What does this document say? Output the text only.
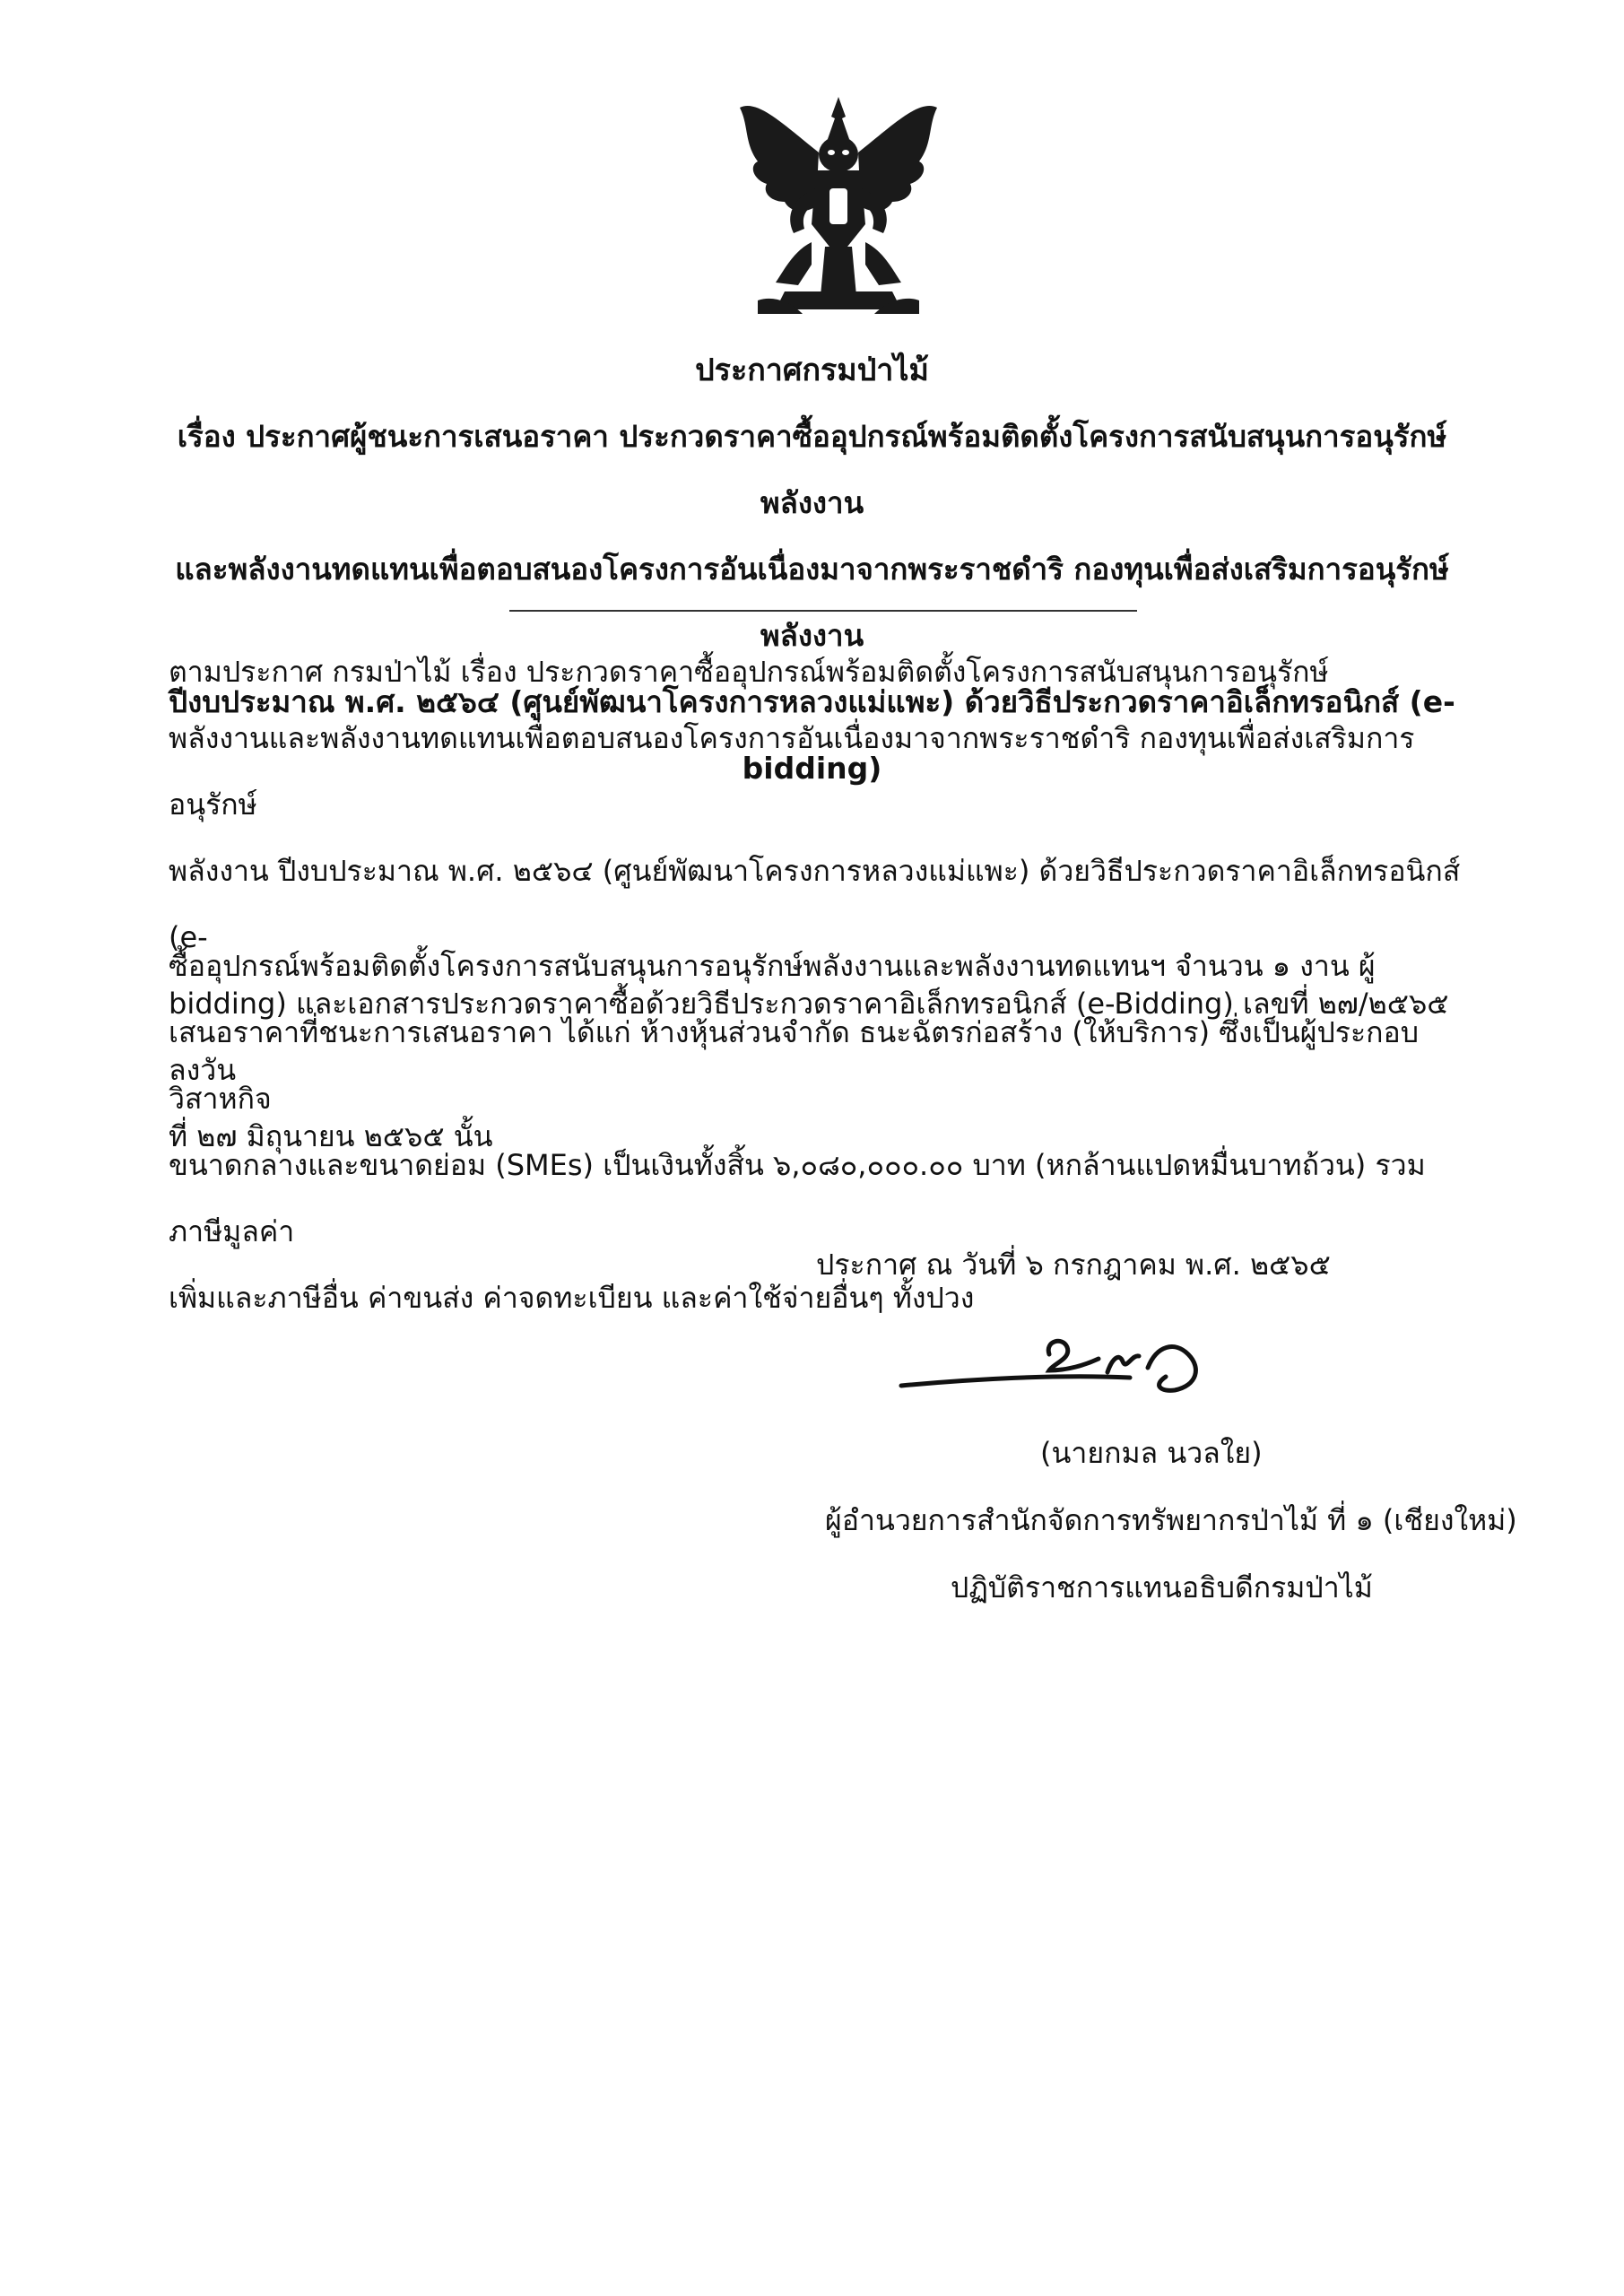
ประกาศกรมป่าไม้
เรื่อง ประกาศผู้ชนะการเสนอราคา ประกวดราคาซื้ออุปกรณ์พร้อมติดตั้งโครงการสนับสนุนการอนุรักษ์พลังงาน
และพลังงานทดแทนเพื่อตอบสนองโครงการอันเนื่องมาจากพระราชดำริ กองทุนเพื่อส่งเสริมการอนุรักษ์พลังงาน
ปีงบประมาณ พ.ศ. ๒๕๖๔ (ศูนย์พัฒนาโครงการหลวงแม่แพะ) ด้วยวิธีประกวดราคาอิเล็กทรอนิกส์ (e-bidding)
ตามประกาศ กรมป่าไม้ เรื่อง ประกวดราคาซื้ออุปกรณ์พร้อมติดตั้งโครงการสนับสนุนการอนุรักษ์
พลังงานและพลังงานทดแทนเพื่อตอบสนองโครงการอันเนื่องมาจากพระราชดำริ กองทุนเพื่อส่งเสริมการอนุรักษ์
พลังงาน ปีงบประมาณ พ.ศ. ๒๕๖๔ (ศูนย์พัฒนาโครงการหลวงแม่แพะ) ด้วยวิธีประกวดราคาอิเล็กทรอนิกส์ (e-
bidding) และเอกสารประกวดราคาซื้อด้วยวิธีประกวดราคาอิเล็กทรอนิกส์ (e-Bidding) เลขที่ ๒๗/๒๕๖๕ ลงวัน
ที่ ๒๗ มิถุนายน ๒๕๖๕ นั้น
ซื้ออุปกรณ์พร้อมติดตั้งโครงการสนับสนุนการอนุรักษ์พลังงานและพลังงานทดแทนฯ จำนวน ๑ งาน ผู้
เสนอราคาที่ชนะการเสนอราคา ได้แก่ ห้างหุ้นส่วนจำกัด ธนะฉัตรก่อสร้าง (ให้บริการ) ซึ่งเป็นผู้ประกอบวิสาหกิจ
ขนาดกลางและขนาดย่อม (SMEs) เป็นเงินทั้งสิ้น ๖,๐๘๐,๐๐๐.๐๐ บาท (หกล้านแปดหมื่นบาทถ้วน) รวมภาษีมูลค่า
เพิ่มและภาษีอื่น ค่าขนส่ง ค่าจดทะเบียน และค่าใช้จ่ายอื่นๆ ทั้งปวง
ประกาศ ณ วันที่ ๖ กรกฎาคม พ.ศ. ๒๕๖๕
(นายกมล นวลใย)
ผู้อำนวยการสำนักจัดการทรัพยากรป่าไม้ ที่ ๑ (เชียงใหม่)
ปฏิบัติราชการแทนอธิบดีกรมป่าไม้
